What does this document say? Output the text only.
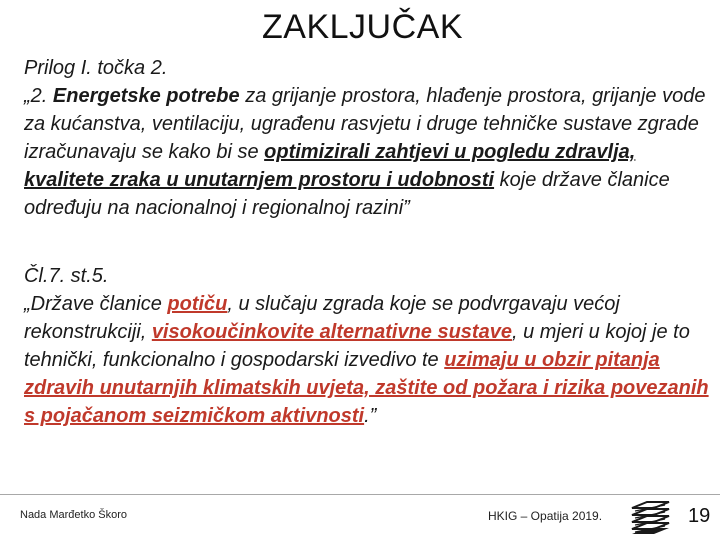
ZAKLJUČAK

Prilog I. točka 2.

„2. Energetske potrebe za grijanje prostora, hlađenje prostora, grijanje vode za kućanstva, ventilaciju, ugrađenu rasvjetu i druge tehničke sustave zgrade izračunavaju se kako bi se optimizirali zahtjevi u pogledu zdravlja, kvalitete zraka u unutarnjem prostoru i udobnosti koje države članice određuju na nacionalnoj i regionalnoj razini”

Čl.7. st.5.

„Države članice potiču, u slučaju zgrada koje se podvrgavaju većoj rekonstrukciji, visokoučinkovite alternativne sustave, u mjeri u kojoj je to tehnički, funkcionalno i gospodarski izvedivo te uzimaju u obzir pitanja zdravih unutarnjih klimatskih uvjeta, zaštite od požara i rizika povezanih s pojačanom seizmičkom aktivnosti.”

Nada Marđetko Škoro	HKIG – Opatija 2019.	19
